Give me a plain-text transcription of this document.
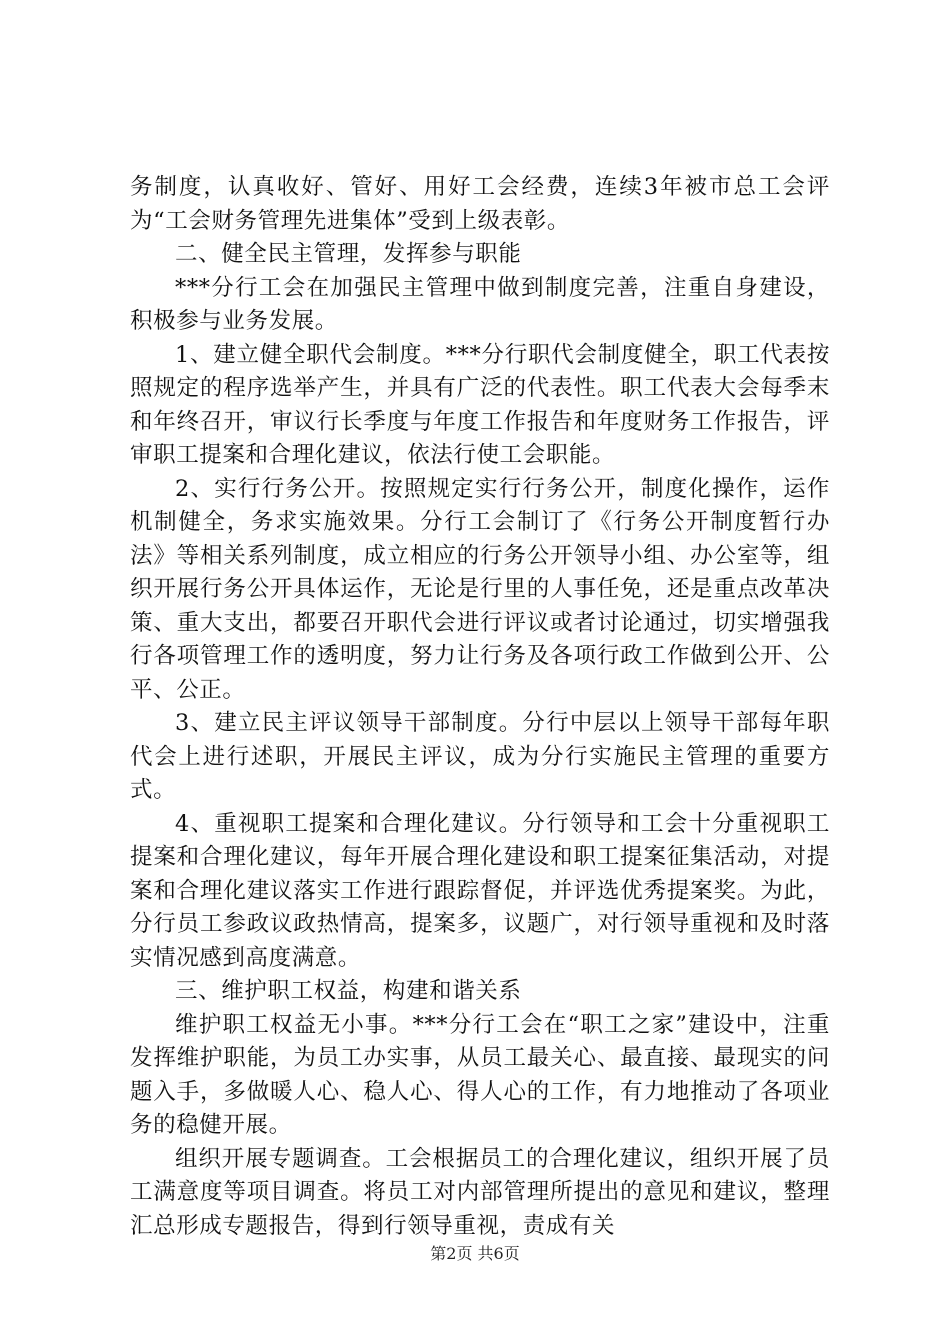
务制度，认真收好、管好、用好工会经费，连续3年被市总工会评为“工会财务管理先进集体”受到上级表彰。

二、健全民主管理，发挥参与职能

***分行工会在加强民主管理中做到制度完善，注重自身建设，积极参与业务发展。

1、建立健全职代会制度。***分行职代会制度健全，职工代表按照规定的程序选举产生，并具有广泛的代表性。职工代表大会每季末和年终召开，审议行长季度与年度工作报告和年度财务工作报告，评审职工提案和合理化建议，依法行使工会职能。

2、实行行务公开。按照规定实行行务公开，制度化操作，运作机制健全，务求实施效果。分行工会制订了《行务公开制度暂行办法》等相关系列制度，成立相应的行务公开领导小组、办公室等，组织开展行务公开具体运作，无论是行里的人事任免，还是重点改革决策、重大支出，都要召开职代会进行评议或者讨论通过，切实增强我行各项管理工作的透明度，努力让行务及各项行政工作做到公开、公平、公正。

3、建立民主评议领导干部制度。分行中层以上领导干部每年职代会上进行述职，开展民主评议，成为分行实施民主管理的重要方式。

4、重视职工提案和合理化建议。分行领导和工会十分重视职工提案和合理化建议，每年开展合理化建设和职工提案征集活动，对提案和合理化建议落实工作进行跟踪督促，并评选优秀提案奖。为此，分行员工参政议政热情高，提案多，议题广，对行领导重视和及时落实情况感到高度满意。

三、维护职工权益，构建和谐关系

维护职工权益无小事。***分行工会在“职工之家”建设中，注重发挥维护职能，为员工办实事，从员工最关心、最直接、最现实的问题入手，多做暖人心、稳人心、得人心的工作，有力地推动了各项业务的稳健开展。

组织开展专题调查。工会根据员工的合理化建议，组织开展了员工满意度等项目调查。将员工对内部管理所提出的意见和建议，整理汇总形成专题报告，得到行领导重视，责成有关

第2页 共6页
